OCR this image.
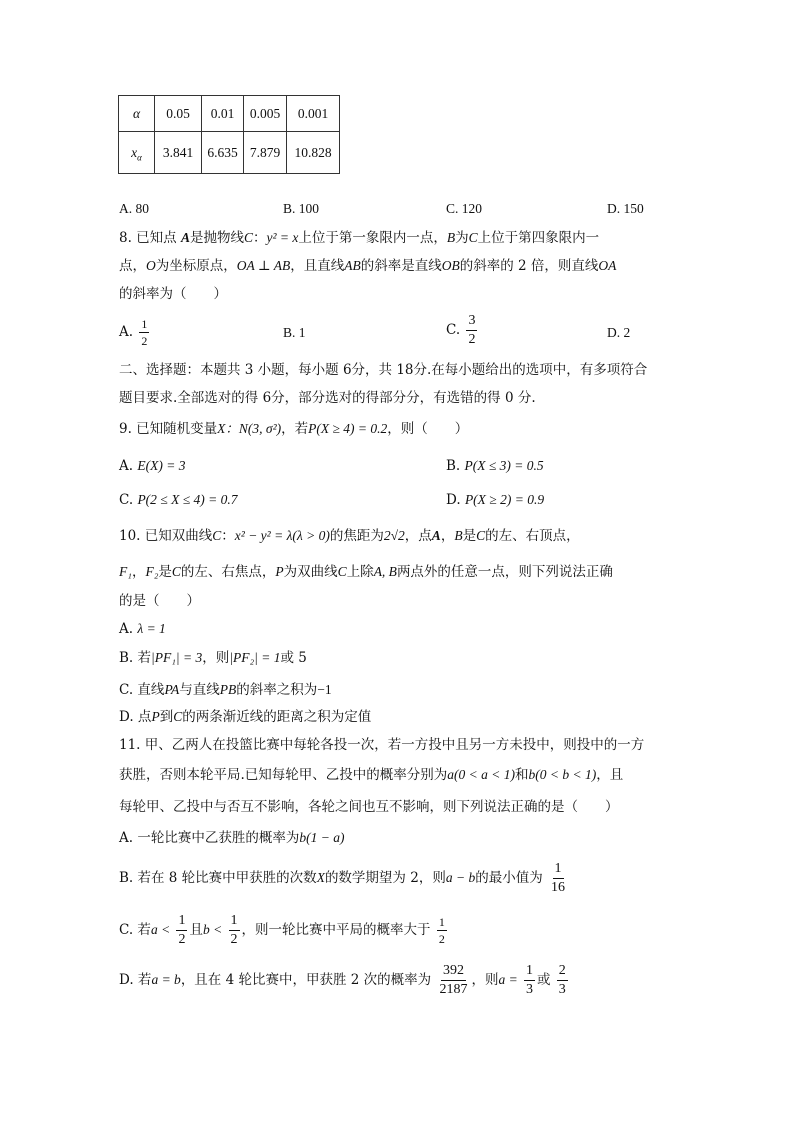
α	0.05	0.01	0.005	0.001
$x_\alpha$	3.841	6.635	7.879	10.828
A. 80	B. 100	C. 120	D. 150
8. 已知点 A是抛物线C：y² = x上位于第一象限内一点，B为C上位于第四象限内一
点，O为坐标原点，OA ⊥ AB，且直线AB的斜率是直线OB的斜率的 2 倍，则直线OA
的斜率为（　　）
A. $\frac{1}{2}$	B. 1	C. $\frac{3}{2}$	D. 2
二、选择题：本题共 3 小题，每小题 6分，共 18分.在每小题给出的选项中，有多项符合
题目要求.全部选对的得 6分，部分选对的得部分分，有选错的得 0 分.
9. 已知随机变量X：N(3, σ²)，若P(X ≥ 4) = 0.2，则（　　）
A. E(X) = 3	B. P(X ≤ 3) = 0.5
C. P(2 ≤ X ≤ 4) = 0.7	D. P(X ≥ 2) = 0.9
10. 已知双曲线C：x² − y² = λ(λ > 0)的焦距为2√2，点A，B是C的左、右顶点，
F₁，F₂是C的左、右焦点，P为双曲线C上除A, B两点外的任意一点，则下列说法正确
的是（　　）
A. λ = 1
B. 若|PF₁| = 3，则|PF₂| = 1或 5
C. 直线PA与直线PB的斜率之积为−1
D. 点P到C的两条渐近线的距离之积为定值
11. 甲、乙两人在投篮比赛中每轮各投一次，若一方投中且另一方未投中，则投中的一方
获胜，否则本轮平局.已知每轮甲、乙投中的概率分别为a(0 < a < 1)和b(0 < b < 1)，且
每轮甲、乙投中与否互不影响，各轮之间也互不影响，则下列说法正确的是（　　）
A. 一轮比赛中乙获胜的概率为b(1 − a)
B. 若在 8 轮比赛中甲获胜的次数X的数学期望为 2，则a − b的最小值为 $\frac{1}{16}$
C. 若$a < \frac{1}{2}$ 且$b < \frac{1}{2}$ ，则一轮比赛中平局的概率大于 $\frac{1}{2}$
D. 若a = b，且在 4 轮比赛中，甲获胜 2 次的概率为 $\frac{392}{2187}$ ，则$a = \frac{1}{3}$ 或 $\frac{2}{3}$
